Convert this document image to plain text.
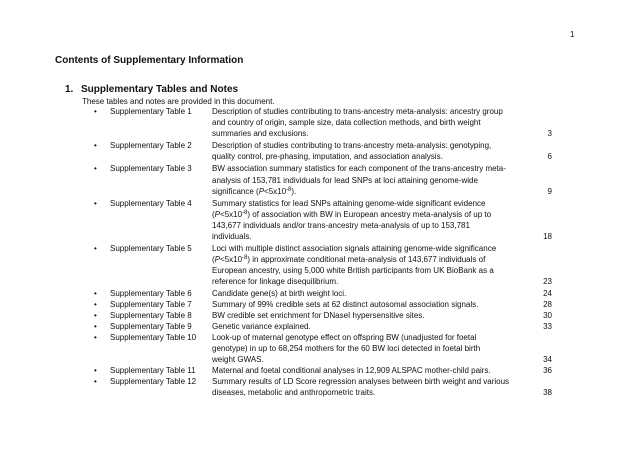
1
Contents of Supplementary Information
1. Supplementary Tables and Notes

These tables and notes are provided in this document.

• Supplementary Table 1	Description of studies contributing to trans-ancestry meta-analysis: ancestry group
and country of origin, sample size, data collection methods, and birth weight
summaries and exclusions.	3
• Supplementary Table 2	Description of studies contributing to trans-ancestry meta-analysis: genotyping,
quality control, pre-phasing, imputation, and association analysis.	6
• Supplementary Table 3	BW association summary statistics for each component of the trans-ancestry meta-
analysis of 153,781 individuals for lead SNPs at loci attaining genome-wide
significance $(P<5x10^{-8})$.	9
• Supplementary Table 4	Summary statistics for lead SNPs attaining genome-wide significant evidence
$(P<5x10^{-8})$ of association with BW in European ancestry meta-analysis of up to
143,677 individuals and/or trans-ancestry meta-analysis of up to 153,781
individuals.	18
• Supplementary Table 5	Loci with multiple distinct association signals attaining genome-wide significance
$(P<5x10^{-8})$ in approximate conditional meta-analysis of 143,677 individuals of
European ancestry, using 5,000 white British participants from UK BioBank as a
reference for linkage disequilibrium.	23
• Supplementary Table 6	Candidate gene(s) at birth weight loci.	24
• Supplementary Table 7	Summary of 99% credible sets at 62 distinct autosomal association signals.	28
• Supplementary Table 8	BW credible set enrichment for DNaseI hypersensitive sites.	30
• Supplementary Table 9	Genetic variance explained.	33
• Supplementary Table 10 Look-up of maternal genotype effect on offspring BW (unadjusted for foetal
genotype) in up to 68,254 mothers for the 60 BW loci detected in foetal birth
weight GWAS.	34
• Supplementary Table 11 Maternal and foetal conditional analyses in 12,909 ALSPAC mother-child pairs.	36
• Supplementary Table 12 Summary results of LD Score regression analyses between birth weight and various
diseases, metabolic and anthropometric traits.	38
